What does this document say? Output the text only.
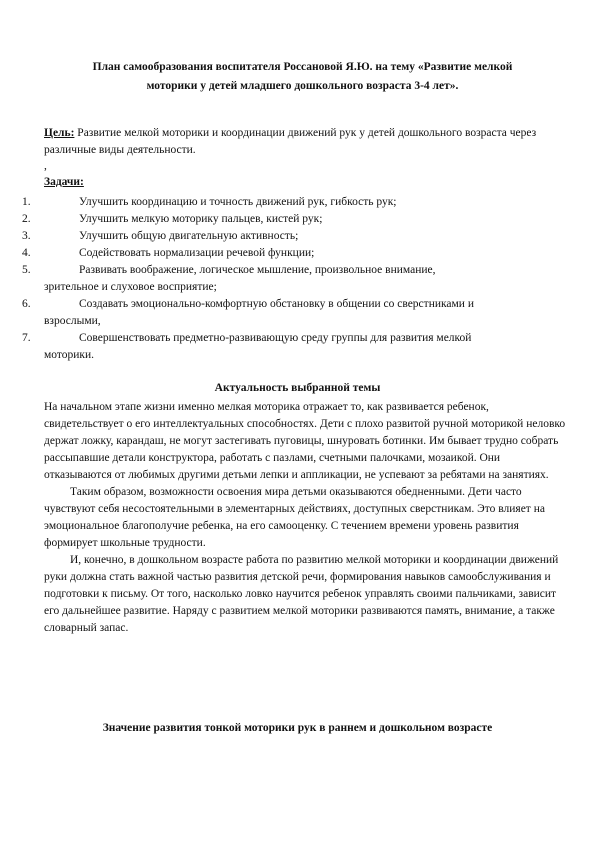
План самообразования воспитателя Россановой Я.Ю. на тему «Развитие мелкой
моторики у детей младшего дошкольного возраста 3-4 лет».
Цель: Развитие мелкой моторики и координации движений рук у детей дошкольного возраста через различные виды деятельности.
,
Задачи:
1.	Улучшить координацию и точность движений рук, гибкость рук;
2.	Улучшить мелкую моторику пальцев, кистей рук;
3.	Улучшить общую двигательную активность;
4.	Содействовать нормализации речевой функции;
5.	Развивать воображение, логическое мышление, произвольное внимание,
зрительное и слуховое восприятие;
6.	Создавать эмоционально-комфортную обстановку в общении со сверстниками и
взрослыми,
7.	Совершенствовать предметно-развивающую среду группы для развития мелкой
моторики.
Актуальность выбранной темы

На начальном этапе жизни именно мелкая моторика отражает то, как развивается ребенок, свидетельствует о его интеллектуальных способностях. Дети с плохо развитой ручной моторикой неловко держат ложку, карандаш, не могут застегивать пуговицы, шнуровать ботинки. Им бывает трудно собрать рассыпавшие детали конструктора, работать с пазлами, счетными палочками, мозаикой. Они отказываются от любимых другими детьми лепки и аппликации, не успевают за ребятами на занятиях.

Таким образом, возможности освоения мира детьми оказываются обедненными. Дети часто чувствуют себя несостоятельными в элементарных действиях, доступных сверстникам. Это влияет на эмоциональное благополучие ребенка, на его самооценку. С течением времени уровень развития формирует школьные трудности.

И, конечно, в дошкольном возрасте работа по развитию мелкой моторики и координации движений руки должна стать важной частью развития детской речи, формирования навыков самообслуживания и подготовки к письму. От того, насколько ловко научится ребенок управлять своими пальчиками, зависит его дальнейшее развитие. Наряду с развитием мелкой моторики развиваются память, внимание, а также словарный запас.

Значение развития тонкой моторики рук в раннем и дошкольном возрасте
